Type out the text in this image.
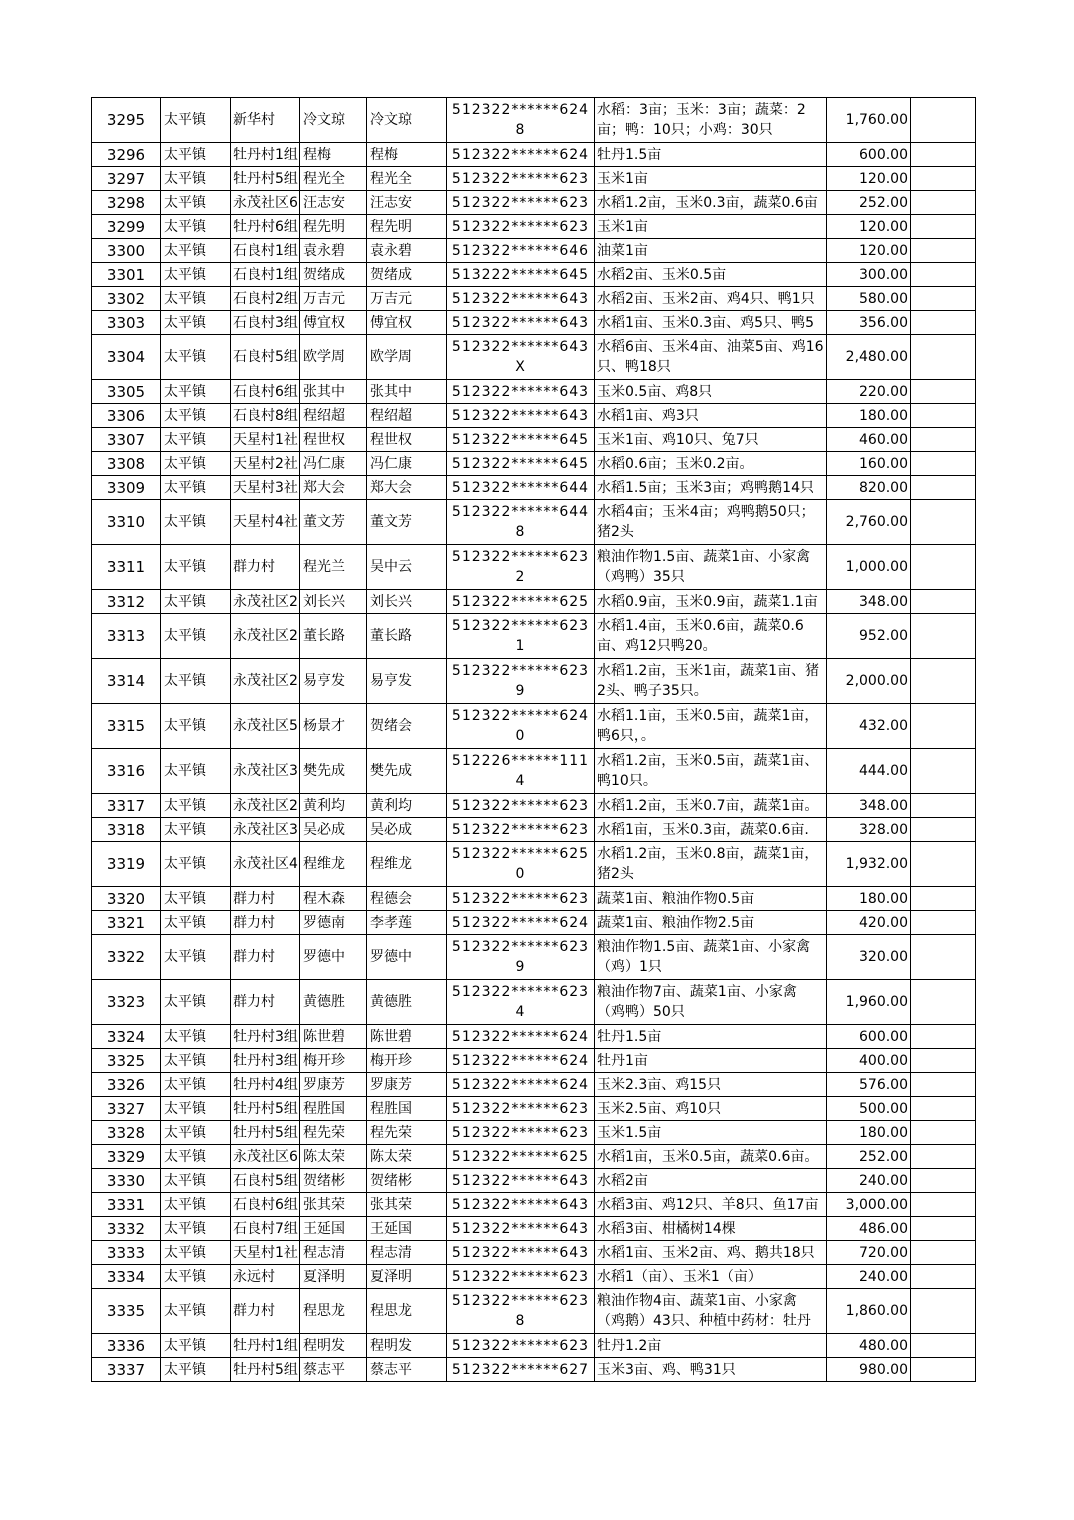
3295	太平镇	新华村	冷文琼	冷文琼	512322******6248	水稻：3亩；玉米：3亩；蔬菜：2亩；鸭：10只；小鸡：30只	1,760.00	
3296	太平镇	牡丹村1组	程梅	程梅	512322******624	牡丹1.5亩	600.00	
3297	太平镇	牡丹村5组	程光全	程光全	512322******623	玉米1亩	120.00	
3298	太平镇	永茂社区6	汪志安	汪志安	512322******623	水稻1.2亩，玉米0.3亩，蔬菜0.6亩	252.00	
3299	太平镇	牡丹村6组	程先明	程先明	512322******623	玉米1亩	120.00	
3300	太平镇	石良村1组	袁永碧	袁永碧	512322******646	油菜1亩	120.00	
3301	太平镇	石良村1组	贺绪成	贺绪成	513222******645	水稻2亩、玉米0.5亩	300.00	
3302	太平镇	石良村2组	万吉元	万吉元	512322******643	水稻2亩、玉米2亩、鸡4只、鸭1只	580.00	
3303	太平镇	石良村3组	傅宜权	傅宜权	512322******643	水稻1亩、玉米0.3亩、鸡5只、鸭5	356.00	
3304	太平镇	石良村5组	欧学周	欧学周	512322******643X	水稻6亩、玉米4亩、油菜5亩、鸡16只、鸭18只	2,480.00	
3305	太平镇	石良村6组	张其中	张其中	512322******643	玉米0.5亩、鸡8只	220.00	
3306	太平镇	石良村8组	程绍超	程绍超	512322******643	水稻1亩、鸡3只	180.00	
3307	太平镇	天星村1社	程世权	程世权	512322******645	玉米1亩、鸡10只、兔7只	460.00	
3308	太平镇	天星村2社	冯仁康	冯仁康	512322******645	水稻0.6亩；玉米0.2亩。	160.00	
3309	太平镇	天星村3社	郑大会	郑大会	512322******644	水稻1.5亩；玉米3亩；鸡鸭鹅14只	820.00	
3310	太平镇	天星村4社	董文芳	董文芳	512322******6448	水稻4亩；玉米4亩；鸡鸭鹅50只；猪2头	2,760.00	
3311	太平镇	群力村	程光兰	吴中云	512322******6232	粮油作物1.5亩、蔬菜1亩、小家禽（鸡鸭）35只	1,000.00	
3312	太平镇	永茂社区2	刘长兴	刘长兴	512322******625	水稻0.9亩，玉米0.9亩，蔬菜1.1亩	348.00	
3313	太平镇	永茂社区2	董长路	董长路	512322******6231	水稻1.4亩，玉米0.6亩，蔬菜0.6亩、鸡12只鸭20。	952.00	
3314	太平镇	永茂社区2	易亨发	易亨发	512322******6239	水稻1.2亩，玉米1亩，蔬菜1亩、猪2头、鸭子35只。	2,000.00	
3315	太平镇	永茂社区5	杨景才	贺绪会	512322******6240	水稻1.1亩，玉米0.5亩，蔬菜1亩，鸭6只，。	432.00	
3316	太平镇	永茂社区3	樊先成	樊先成	512226******1114	水稻1.2亩，玉米0.5亩，蔬菜1亩、鸭10只。	444.00	
3317	太平镇	永茂社区2	黄利均	黄利均	512322******623	水稻1.2亩，玉米0.7亩，蔬菜1亩。	348.00	
3318	太平镇	永茂社区3	吴必成	吴必成	512322******623	水稻1亩，玉米0.3亩，蔬菜0.6亩.	328.00	
3319	太平镇	永茂社区4	程维龙	程维龙	512322******6250	水稻1.2亩，玉米0.8亩，蔬菜1亩，猪2头	1,932.00	
3320	太平镇	群力村	程木森	程德会	512322******623	蔬菜1亩、粮油作物0.5亩	180.00	
3321	太平镇	群力村	罗德南	李孝莲	512322******624	蔬菜1亩、粮油作物2.5亩	420.00	
3322	太平镇	群力村	罗德中	罗德中	512322******6239	粮油作物1.5亩、蔬菜1亩、小家禽（鸡）1只	320.00	
3323	太平镇	群力村	黄德胜	黄德胜	512322******6234	粮油作物7亩、蔬菜1亩、小家禽（鸡鸭）50只	1,960.00	
3324	太平镇	牡丹村3组	陈世碧	陈世碧	512322******624	牡丹1.5亩	600.00	
3325	太平镇	牡丹村3组	梅开珍	梅开珍	512322******624	牡丹1亩	400.00	
3326	太平镇	牡丹村4组	罗康芳	罗康芳	512322******624	玉米2.3亩、鸡15只	576.00	
3327	太平镇	牡丹村5组	程胜国	程胜国	512322******623	玉米2.5亩、鸡10只	500.00	
3328	太平镇	牡丹村5组	程先荣	程先荣	512322******623	玉米1.5亩	180.00	
3329	太平镇	永茂社区6	陈太荣	陈太荣	512322******625	水稻1亩，玉米0.5亩，蔬菜0.6亩。	252.00	
3330	太平镇	石良村5组	贺绪彬	贺绪彬	512322******643	水稻2亩	240.00	
3331	太平镇	石良村6组	张其荣	张其荣	512322******643	水稻3亩、鸡12只、羊8只、鱼17亩	3,000.00	
3332	太平镇	石良村7组	王延国	王延国	512322******643	水稻3亩、柑橘树14棵	486.00	
3333	太平镇	天星村1社	程志清	程志清	512322******643	水稻1亩、玉米2亩、鸡、鹅共18只	720.00	
3334	太平镇	永远村	夏泽明	夏泽明	512322******623	水稻1（亩）、玉米1（亩）	240.00	
3335	太平镇	群力村	程思龙	程思龙	512322******6238	粮油作物4亩、蔬菜1亩、小家禽（鸡鹅）43只、种植中药材：牡丹	1,860.00	
3336	太平镇	牡丹村1组	程明发	程明发	512322******623	牡丹1.2亩	480.00	
3337	太平镇	牡丹村5组	蔡志平	蔡志平	512322******627	玉米3亩、鸡、鸭31只	980.00	
